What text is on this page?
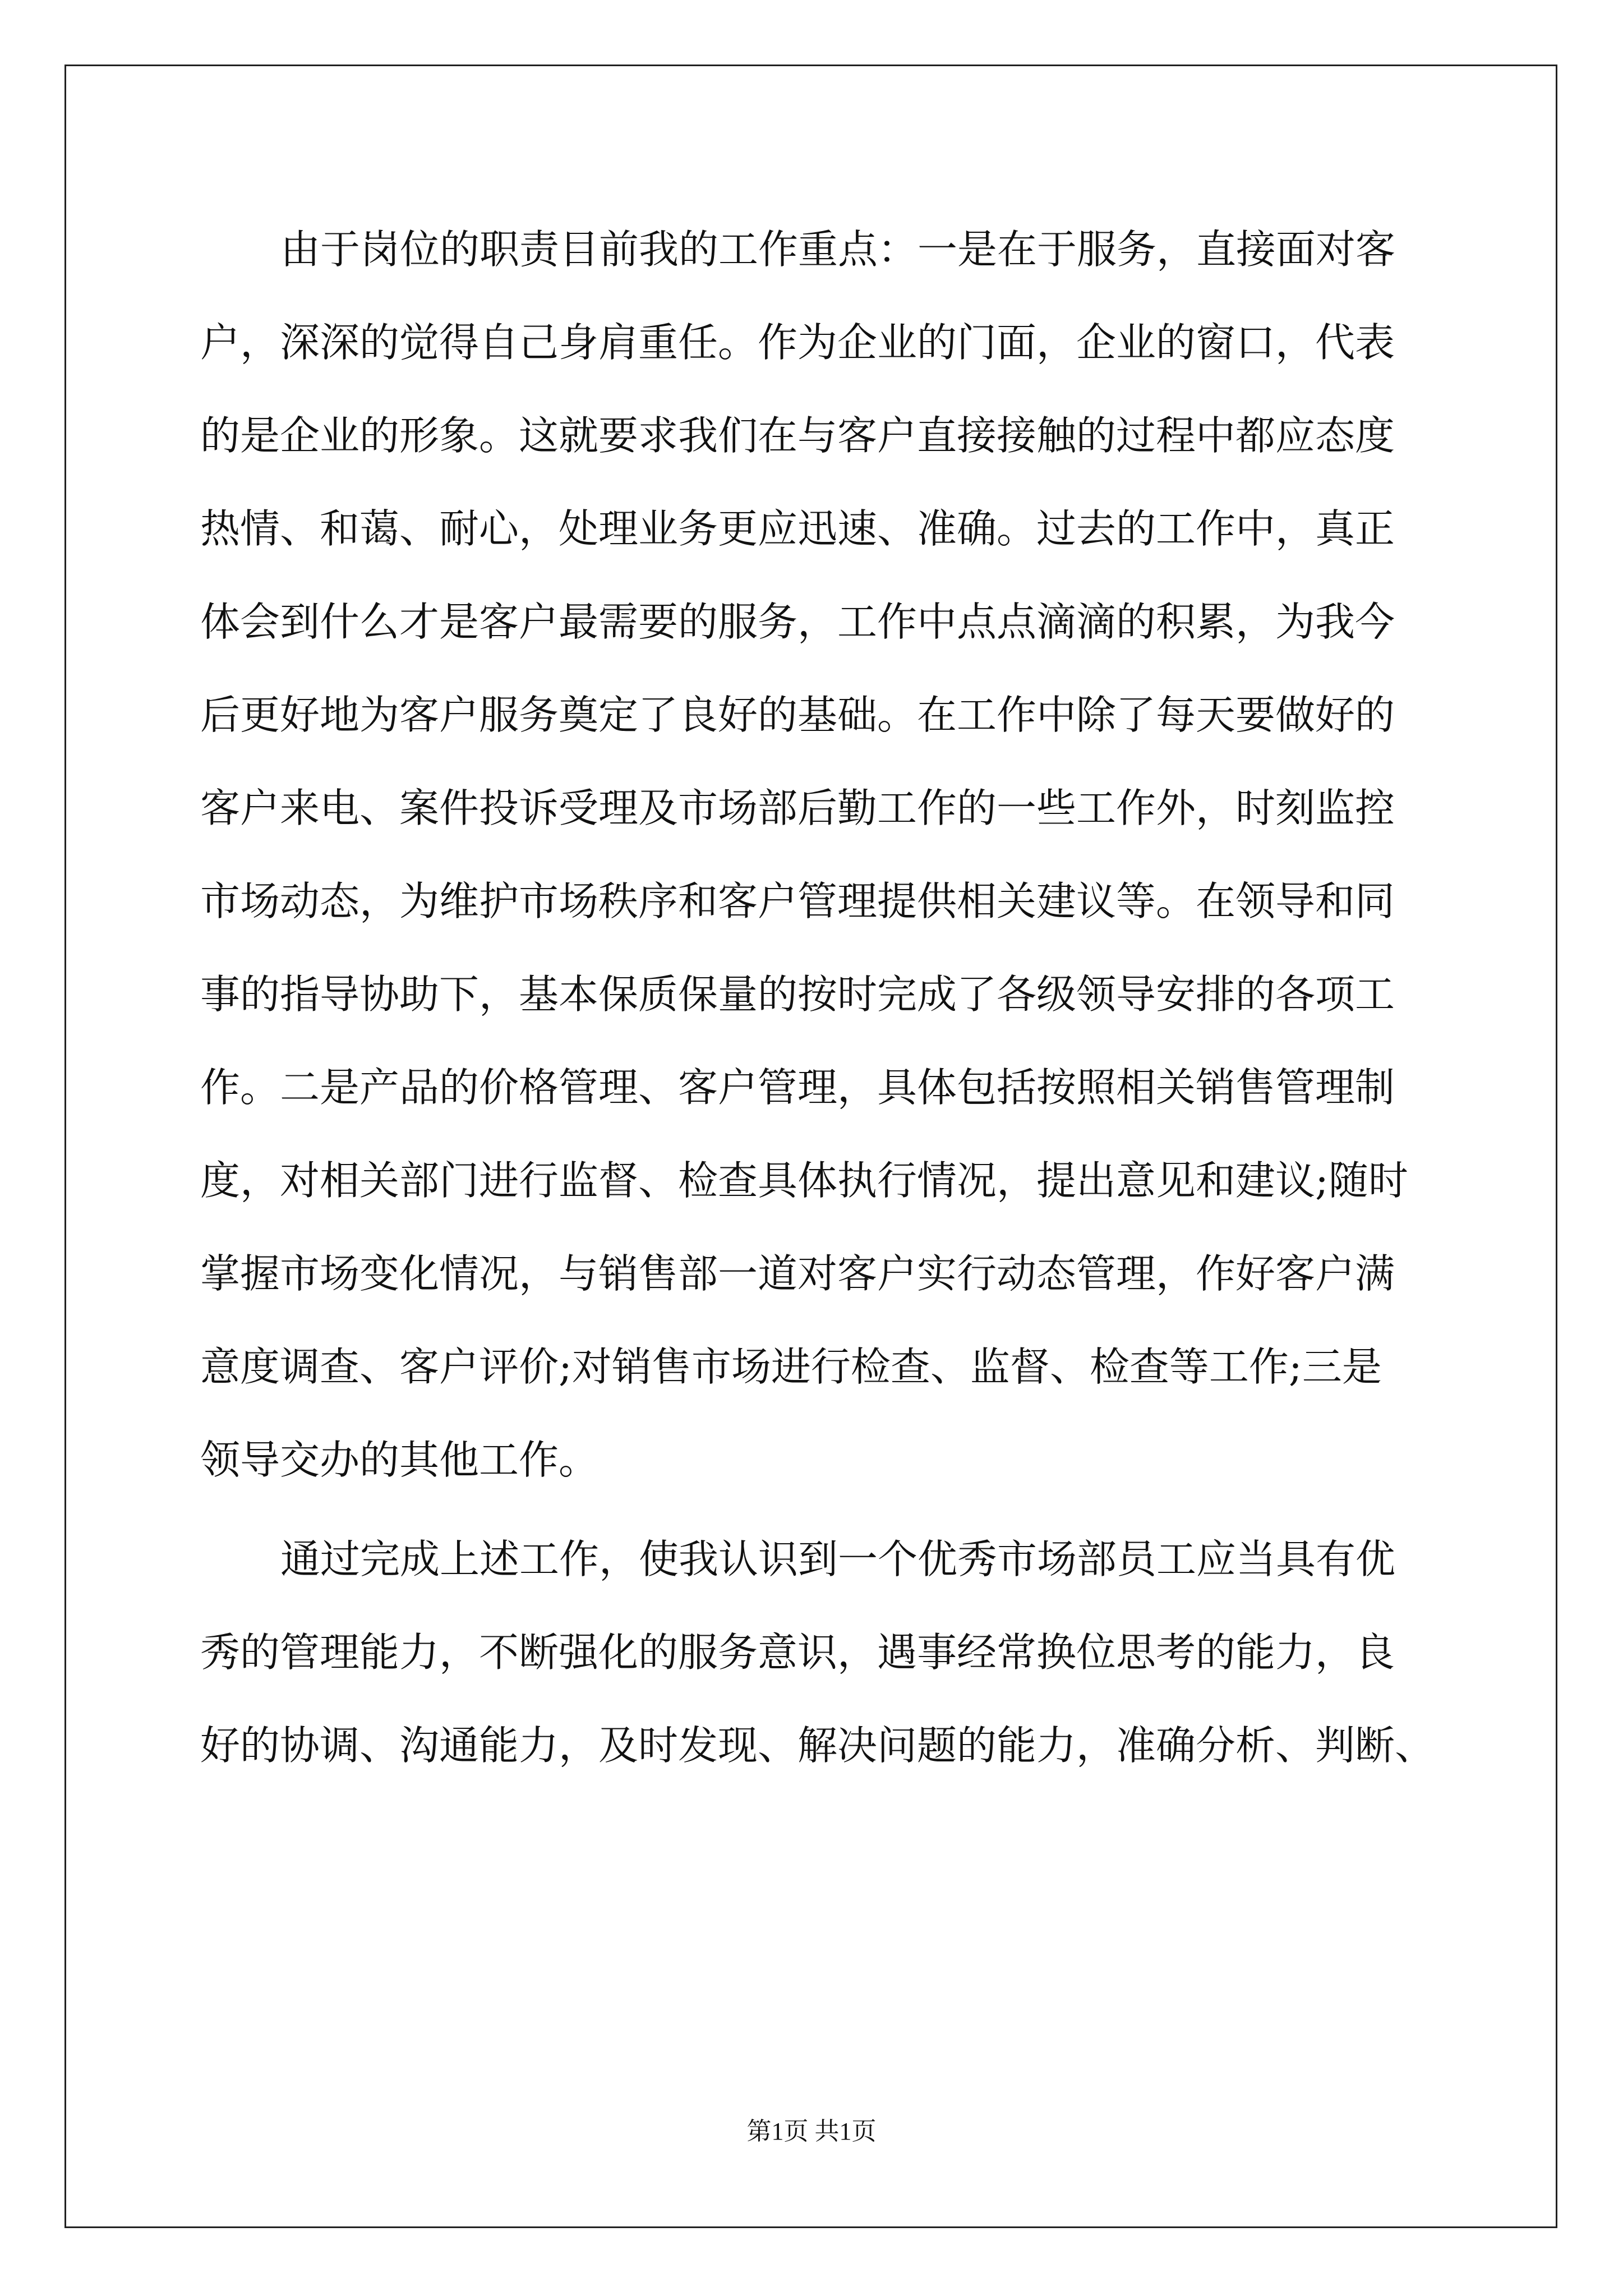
由于岗位的职责目前我的工作重点：一是在于服务，直接面对客
户，深深的觉得自己身肩重任。作为企业的门面，企业的窗口，代表
的是企业的形象。这就要求我们在与客户直接接触的过程中都应态度
热情、和蔼、耐心，处理业务更应迅速、准确。过去的工作中，真正
体会到什么才是客户最需要的服务，工作中点点滴滴的积累，为我今
后更好地为客户服务奠定了良好的基础。在工作中除了每天要做好的
客户来电、案件投诉受理及市场部后勤工作的一些工作外，时刻监控
市场动态，为维护市场秩序和客户管理提供相关建议等。在领导和同
事的指导协助下，基本保质保量的按时完成了各级领导安排的各项工
作。二是产品的价格管理、客户管理，具体包括按照相关销售管理制
度，对相关部门进行监督、检查具体执行情况，提出意见和建议;随时
掌握市场变化情况，与销售部一道对客户实行动态管理，作好客户满
意度调查、客户评价;对销售市场进行检查、监督、检查等工作;三是
领导交办的其他工作。
通过完成上述工作，使我认识到一个优秀市场部员工应当具有优
秀的管理能力，不断强化的服务意识，遇事经常换位思考的能力，良
好的协调、沟通能力，及时发现、解决问题的能力，准确分析、判断、
第1页 共1页
